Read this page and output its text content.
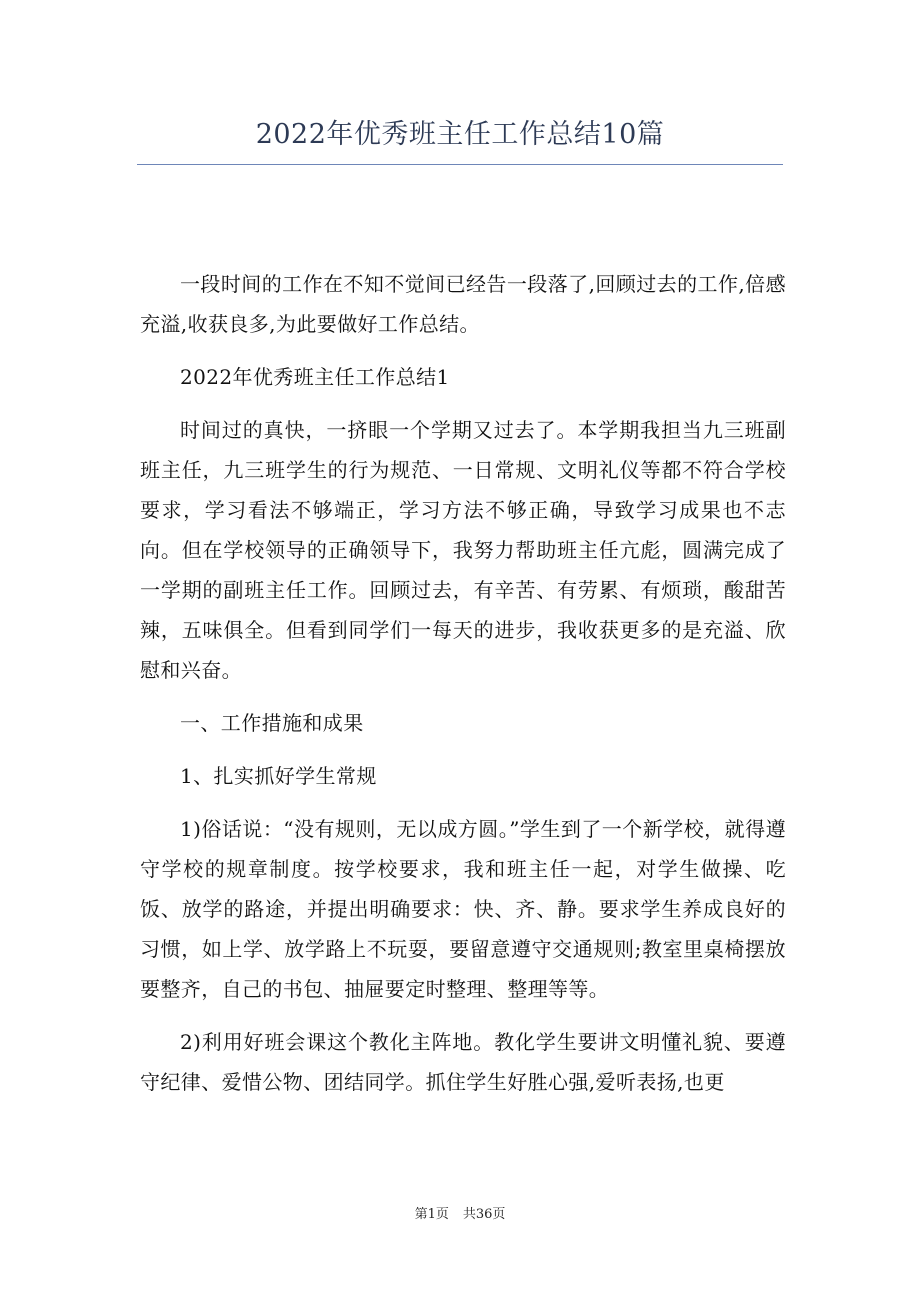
2022年优秀班主任工作总结10篇

一段时间的工作在不知不觉间已经告一段落了,回顾过去的工作,倍感充溢,收获良多,为此要做好工作总结。

2022年优秀班主任工作总结1

时间过的真快，一挤眼一个学期又过去了。本学期我担当九三班副班主任，九三班学生的行为规范、一日常规、文明礼仪等都不符合学校要求，学习看法不够端正，学习方法不够正确，导致学习成果也不志向。但在学校领导的正确领导下，我努力帮助班主任亢彪，圆满完成了一学期的副班主任工作。回顾过去，有辛苦、有劳累、有烦琐，酸甜苦辣，五味俱全。但看到同学们一每天的进步，我收获更多的是充溢、欣慰和兴奋。

一、工作措施和成果

1、扎实抓好学生常规

1)俗话说：“没有规则，无以成方圆。”学生到了一个新学校，就得遵守学校的规章制度。按学校要求，我和班主任一起，对学生做操、吃饭、放学的路途，并提出明确要求：快、齐、静。要求学生养成良好的习惯，如上学、放学路上不玩耍，要留意遵守交通规则;教室里桌椅摆放要整齐，自己的书包、抽屉要定时整理、整理等等。

2)利用好班会课这个教化主阵地。教化学生要讲文明懂礼貌、要遵守纪律、爱惜公物、团结同学。抓住学生好胜心强,爱听表扬,也更

第1页 共36页
